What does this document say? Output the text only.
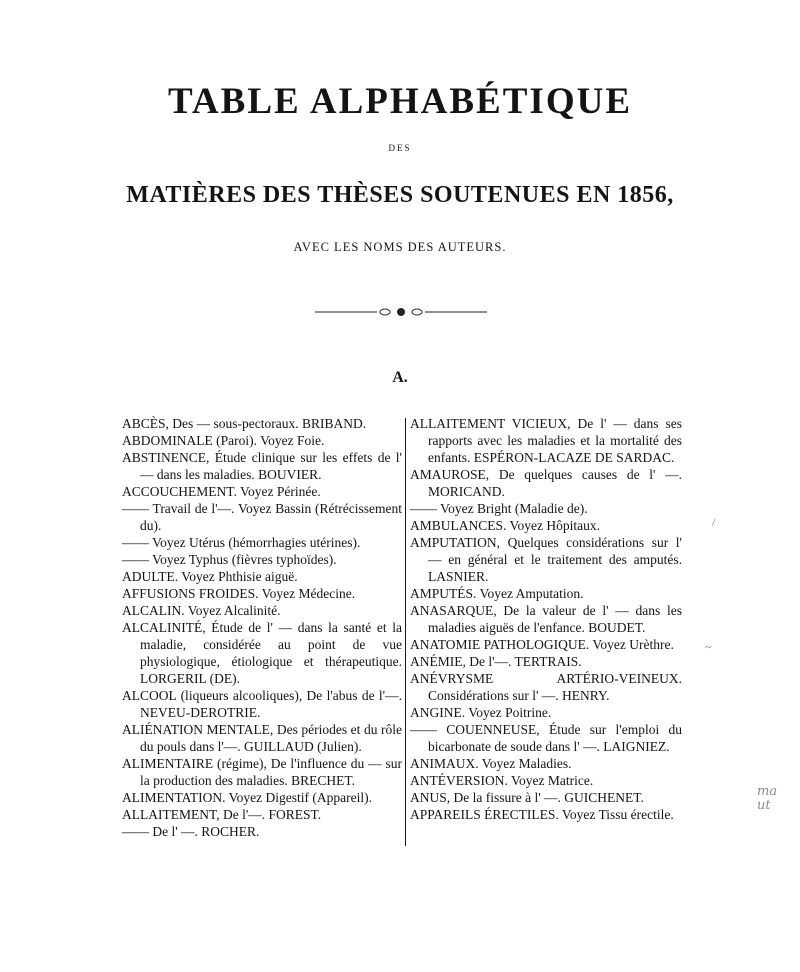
TABLE ALPHABÉTIQUE
DES
MATIÈRES DES THÈSES SOUTENUES EN 1856,
AVEC LES NOMS DES AUTEURS.
A.
ABCÈS, Des — sous-pectoraux. BRIBAND.
ABDOMINALE (Paroi). Voyez Foie.
ABSTINENCE, Étude clinique sur les effets de l' — dans les maladies. BOUVIER.
ACCOUCHEMENT. Voyez Périnée.
—— Travail de l'—. Voyez Bassin (Rétrécissement du).
—— Voyez Utérus (hémorrhagies utérines).
—— Voyez Typhus (fièvres typhoïdes).
ADULTE. Voyez Phthisie aiguë.
AFFUSIONS FROIDES. Voyez Médecine.
ALCALIN. Voyez Alcalinité.
ALCALINITÉ, Étude de l' — dans la santé et la maladie, considérée au point de vue physiologique, étiologique et thérapeutique. LORGERIL (DE).
ALCOOL (liqueurs alcooliques), De l'abus de l'—. NEVEU-DEROTRIE.
ALIÉNATION MENTALE, Des périodes et du rôle du pouls dans l'—. GUILLAUD (Julien).
ALIMENTAIRE (régime), De l'influence du — sur la production des maladies. BRECHET.
ALIMENTATION. Voyez Digestif (Appareil).
ALLAITEMENT, De l'—. FOREST.
—— De l' —. ROCHER.
ALLAITEMENT VICIEUX, De l' — dans ses rapports avec les maladies et la mortalité des enfants. ESPÉRON-LACAZE DE SARDAC.
AMAUROSE, De quelques causes de l' —. MORICAND.
—— Voyez Bright (Maladie de).
AMBULANCES. Voyez Hôpitaux.
AMPUTATION, Quelques considérations sur l' — en général et le traitement des amputés. LASNIER.
AMPUTÉS. Voyez Amputation.
ANASARQUE, De la valeur de l' — dans les maladies aiguës de l'enfance. BOUDET.
ANATOMIE PATHOLOGIQUE. Voyez Urèthre.
ANÉMIE, De l'—. TERTRAIS.
ANÉVRYSME ARTÉRIO-VEINEUX. Considérations sur l' —. HENRY.
ANGINE. Voyez Poitrine.
—— COUENNEUSE, Étude sur l'emploi du bicarbonate de soude dans l' —. LAIGNIEZ.
ANIMAUX. Voyez Maladies.
ANTÉVERSION. Voyez Matrice.
ANUS, De la fissure à l' —. GUICHENET.
APPAREILS ÉRECTILES. Voyez Tissu érectile.
/
~
ma
ut
